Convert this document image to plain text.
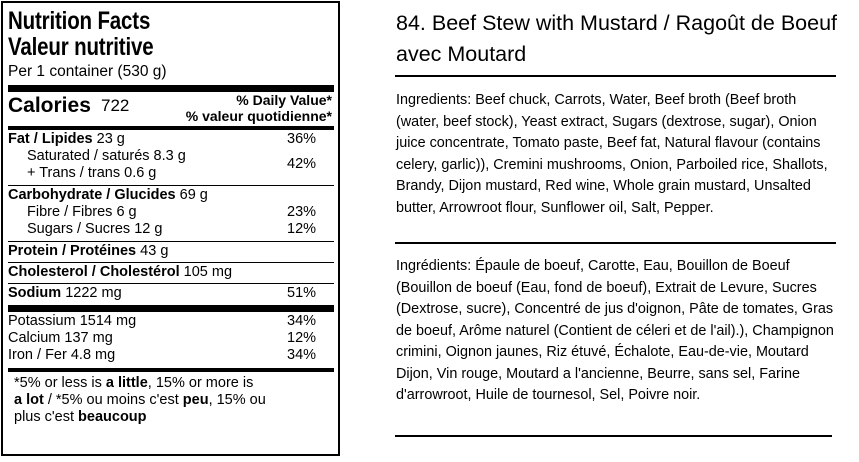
Nutrition Facts
Valeur nutritive
Per 1 container (530 g)
Calories 722	% Daily Value*
% valeur quotidienne*
Fat / Lipides 23 g	36%
Saturated / saturés 8.3 g	42%
+ Trans / trans 0.6 g
Carbohydrate / Glucides 69 g
Fibre / Fibres 6 g	23%
Sugars / Sucres 12 g	12%
Protein / Protéines 43 g
Cholesterol / Cholestérol 105 mg
Sodium 1222 mg	51%
Potassium 1514 mg	34%
Calcium 137 mg	12%
Iron / Fer 4.8 mg	34%
*5% or less is a little, 15% or more is
a lot / *5% ou moins c'est peu, 15% ou
plus c'est beaucoup
84. Beef Stew with Mustard / Ragoût de Boeuf avec Moutard
Ingredients: Beef chuck, Carrots, Water, Beef broth (Beef broth (water, beef stock), Yeast extract, Sugars (dextrose, sugar), Onion juice concentrate, Tomato paste, Beef fat, Natural flavour (contains celery, garlic)), Cremini mushrooms, Onion, Parboiled rice, Shallots, Brandy, Dijon mustard, Red wine, Whole grain mustard, Unsalted butter, Arrowroot flour, Sunflower oil, Salt, Pepper.
Ingrédients: Épaule de boeuf, Carotte, Eau, Bouillon de Boeuf (Bouillon de boeuf (Eau, fond de boeuf), Extrait de Levure, Sucres (Dextrose, sucre), Concentré de jus d'oignon, Pâte de tomates, Gras de boeuf, Arôme naturel (Contient de céleri et de l'ail).), Champignon crimini, Oignon jaunes, Riz étuvé, Échalote, Eau-de-vie, Moutard Dijon, Vin rouge, Moutard a l'ancienne, Beurre, sans sel, Farine d'arrowroot, Huile de tournesol, Sel, Poivre noir.
